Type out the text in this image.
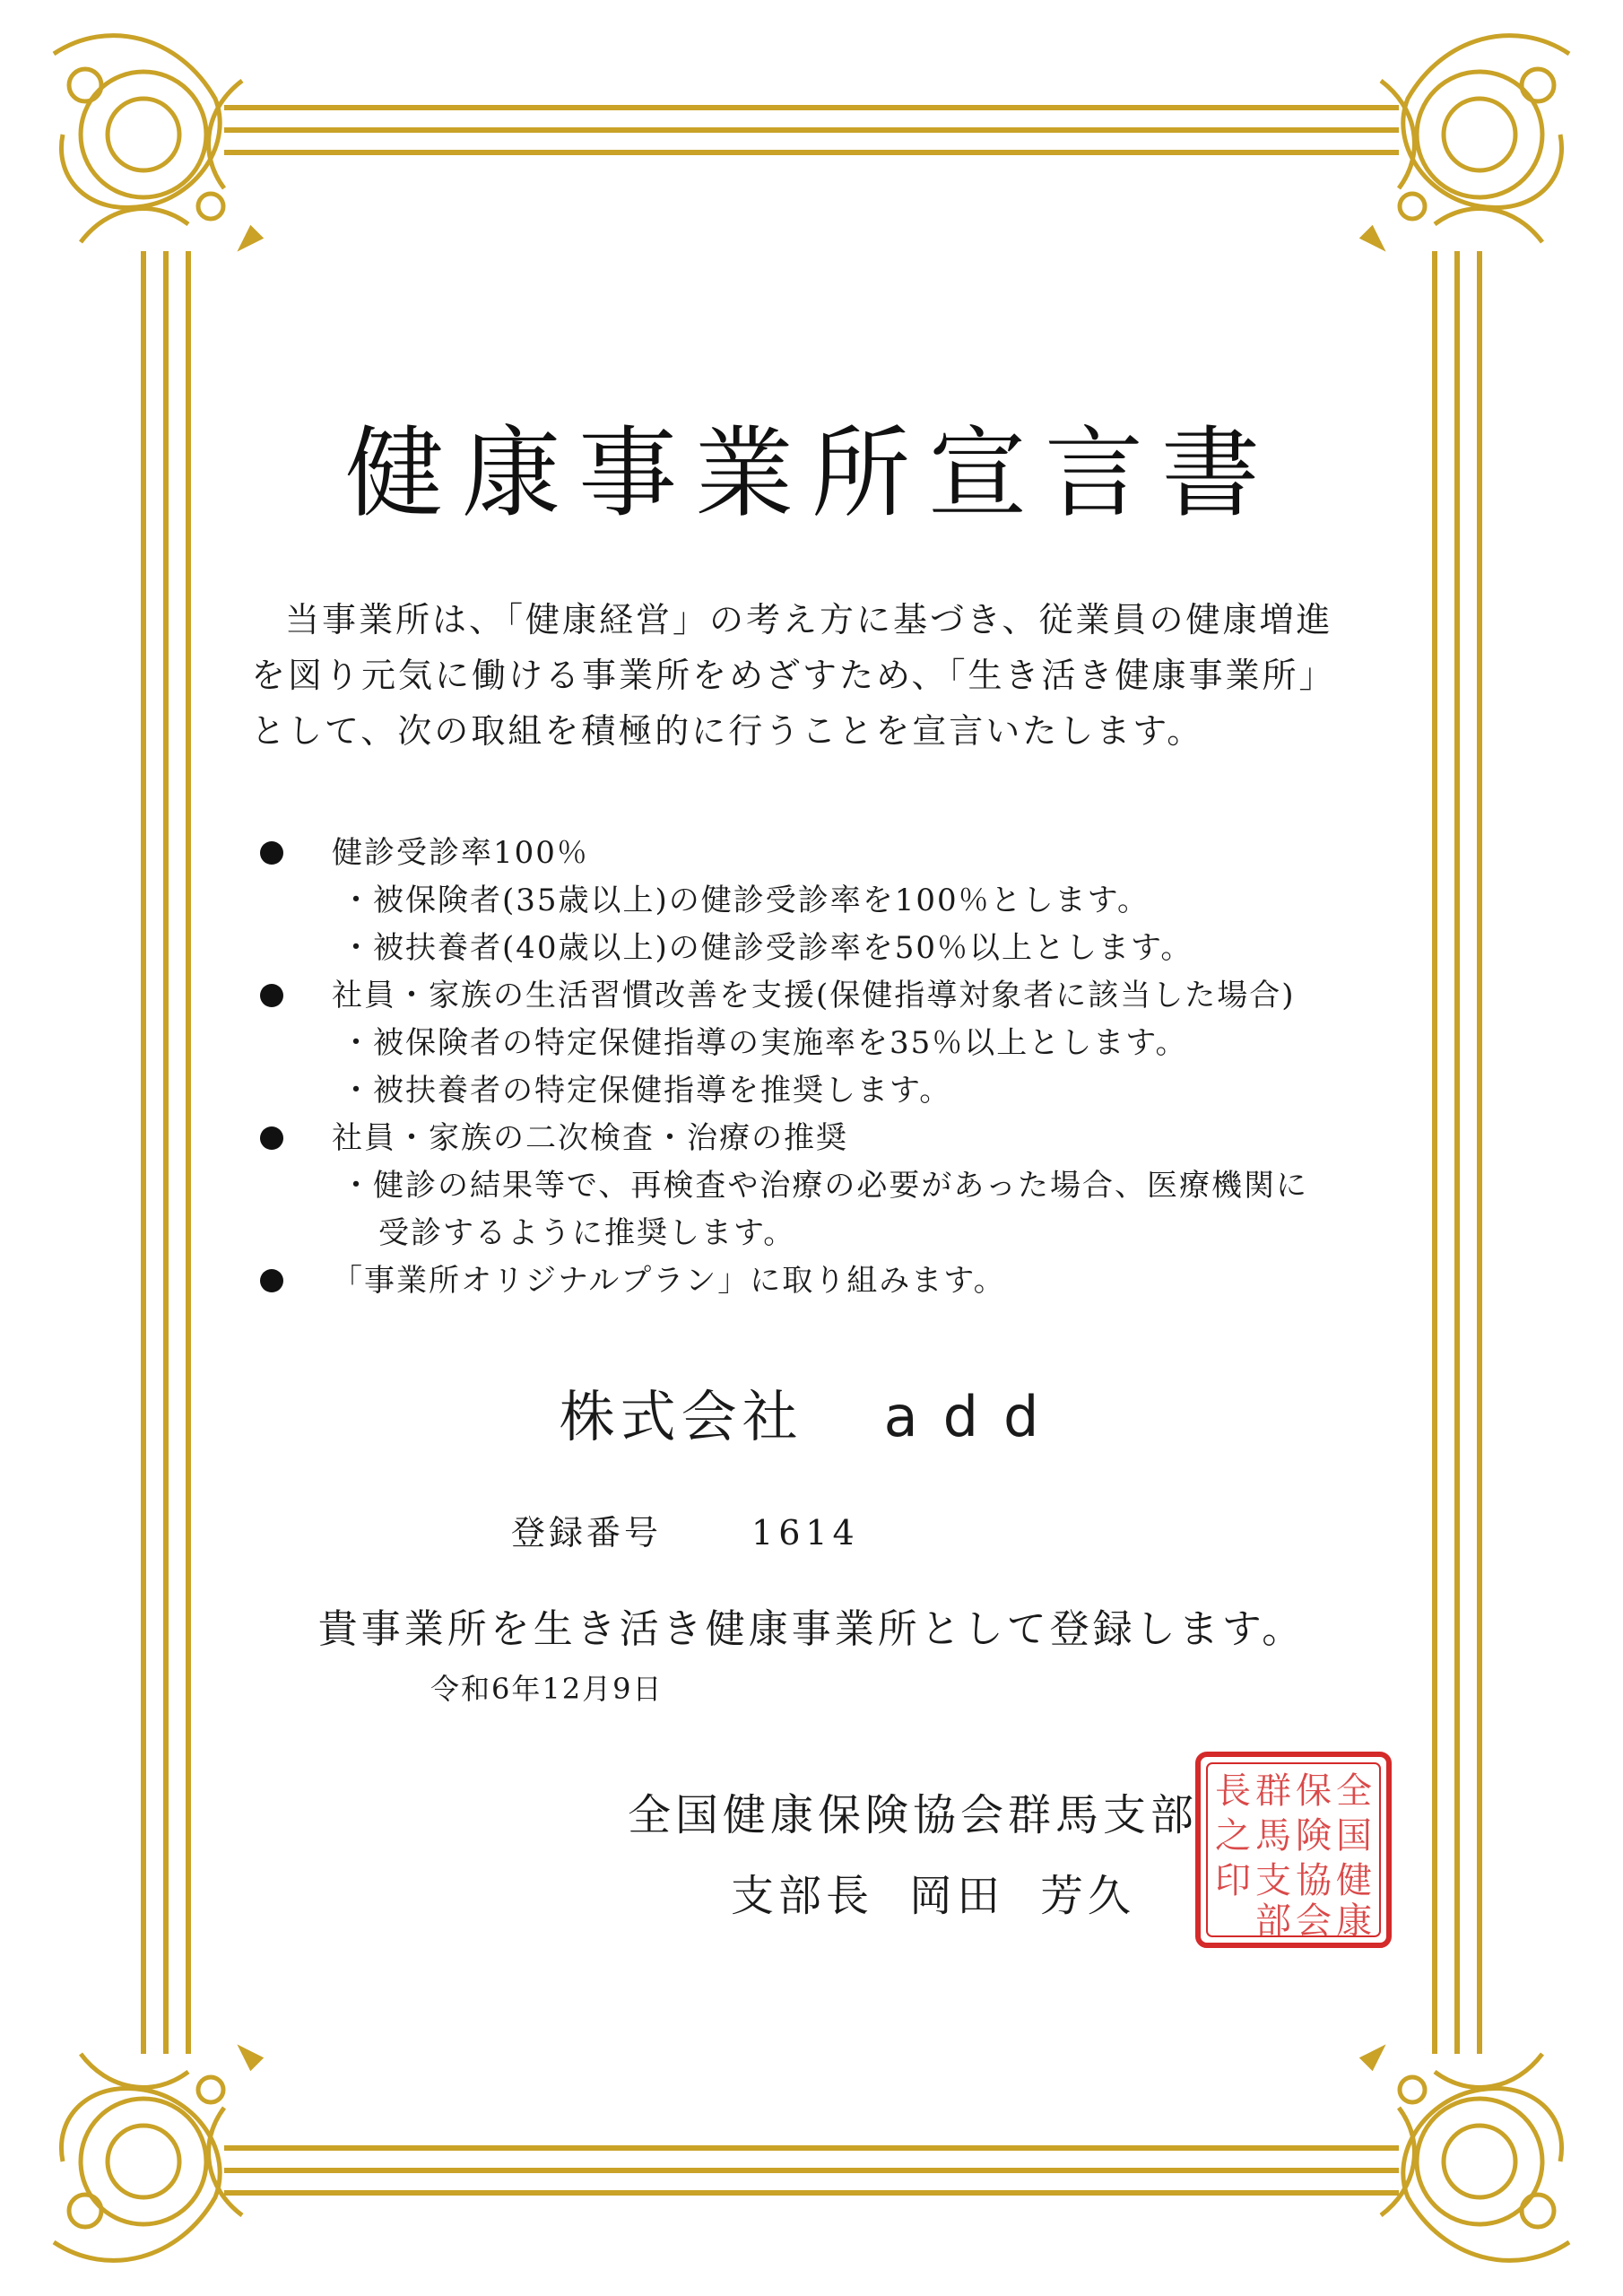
健康事業所宣言書

当事業所は、「健康経営」の考え方に基づき、従業員の健康増進

を図り元気に働ける事業所をめざすため、「生き活き健康事業所」

として、次の取組を積極的に行うことを宣言いたします。

健診受診率100％
・被保険者(35歳以上)の健診受診率を100％とします。
・被扶養者(40歳以上)の健診受診率を50％以上とします。
社員・家族の生活習慣改善を支援(保健指導対象者に該当した場合)
・被保険者の特定保健指導の実施率を35％以上とします。
・被扶養者の特定保健指導を推奨します。
社員・家族の二次検査・治療の推奨
・健診の結果等で、再検査や治療の必要があった場合、医療機関に
受診するように推奨します。
「事業所オリジナルプラン」に取り組みます。
株式会社 add
登録番号	1614
貴事業所を生き活き健康事業所として登録します。
令和6年12月9日
全国健康保険協会群馬支部
支部長 岡田 芳久
全
国
健
康
保
険
協
会
群
馬
支
部
長
之
印
